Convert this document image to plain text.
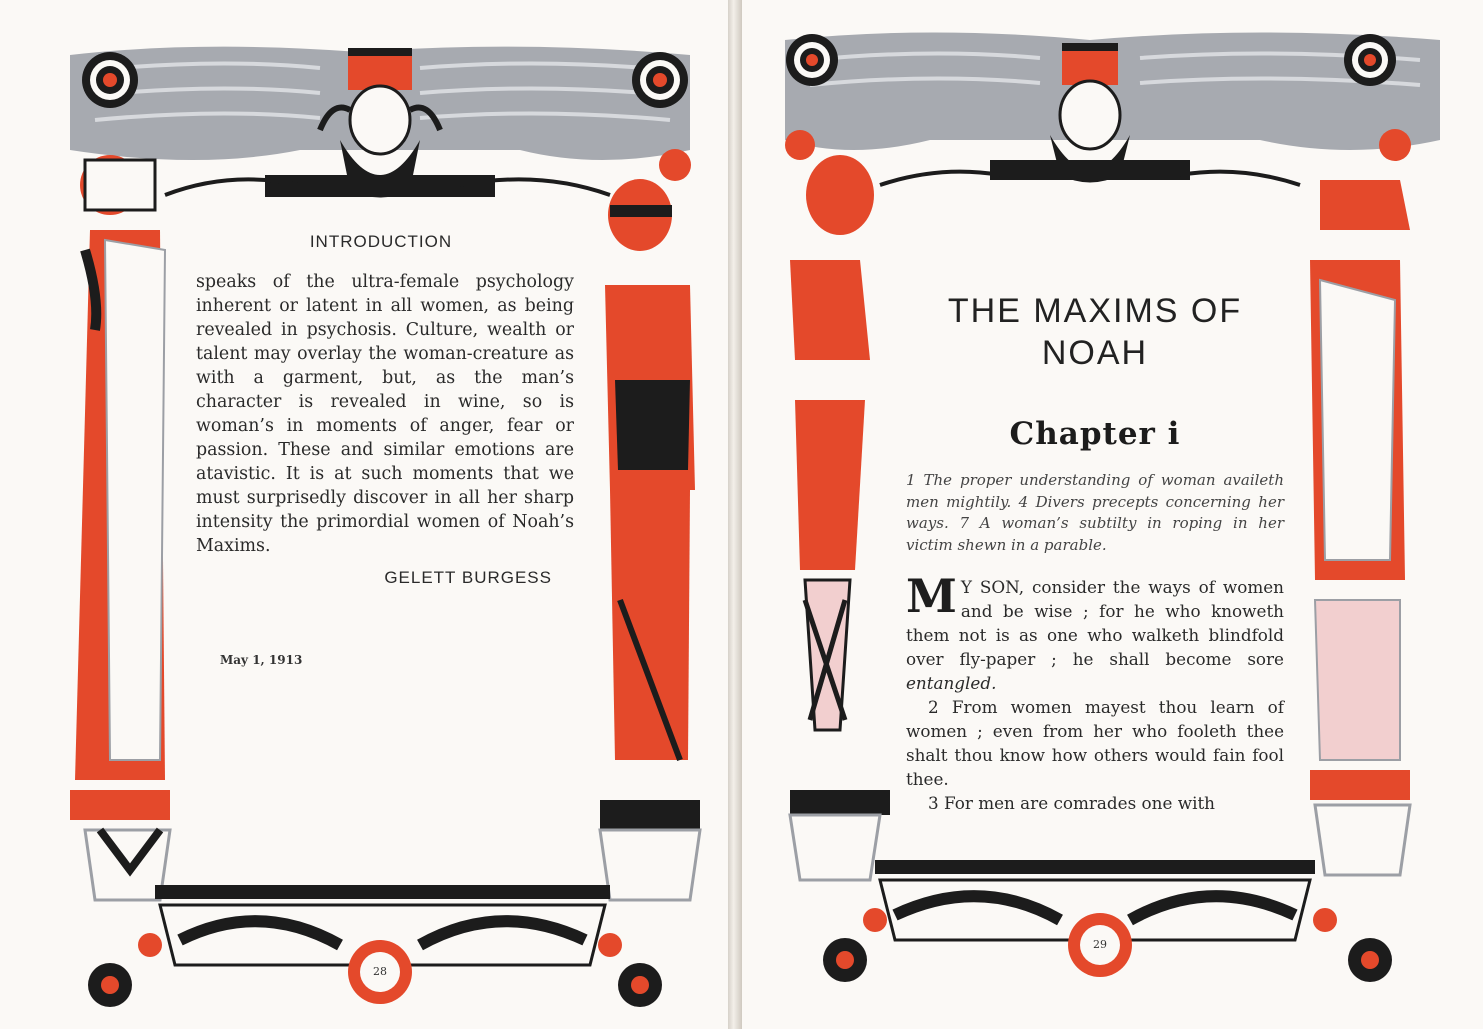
INTRODUCTION
speaks of the ultra-female psychology inherent or latent in all women, as being revealed in psychosis. Culture, wealth or talent may overlay the woman-creature as with a garment, but, as the man’s character is revealed in wine, so is woman’s in moments of anger, fear or passion. These and similar emotions are atavistic. It is at such moments that we must surprisedly discover in all her sharp intensity the primordial women of Noah’s Maxims.
GELETT BURGESS
May 1, 1913
28
THE MAXIMS OF
NOAH
Chapter i
1 The proper understanding of woman availeth men mightily. 4 Divers precepts concerning her ways. 7 A woman’s subtilty in roping in her victim shewn in a parable.

M Y SON, consider the ways of women and be wise ; for he who knoweth them not is as one who walketh blindfold over fly-paper ; he shall become sore entangled.

2 From women mayest thou learn of women ; even from her who fooleth thee shalt thou know how others would fain fool thee.

3 For men are comrades one with

29
